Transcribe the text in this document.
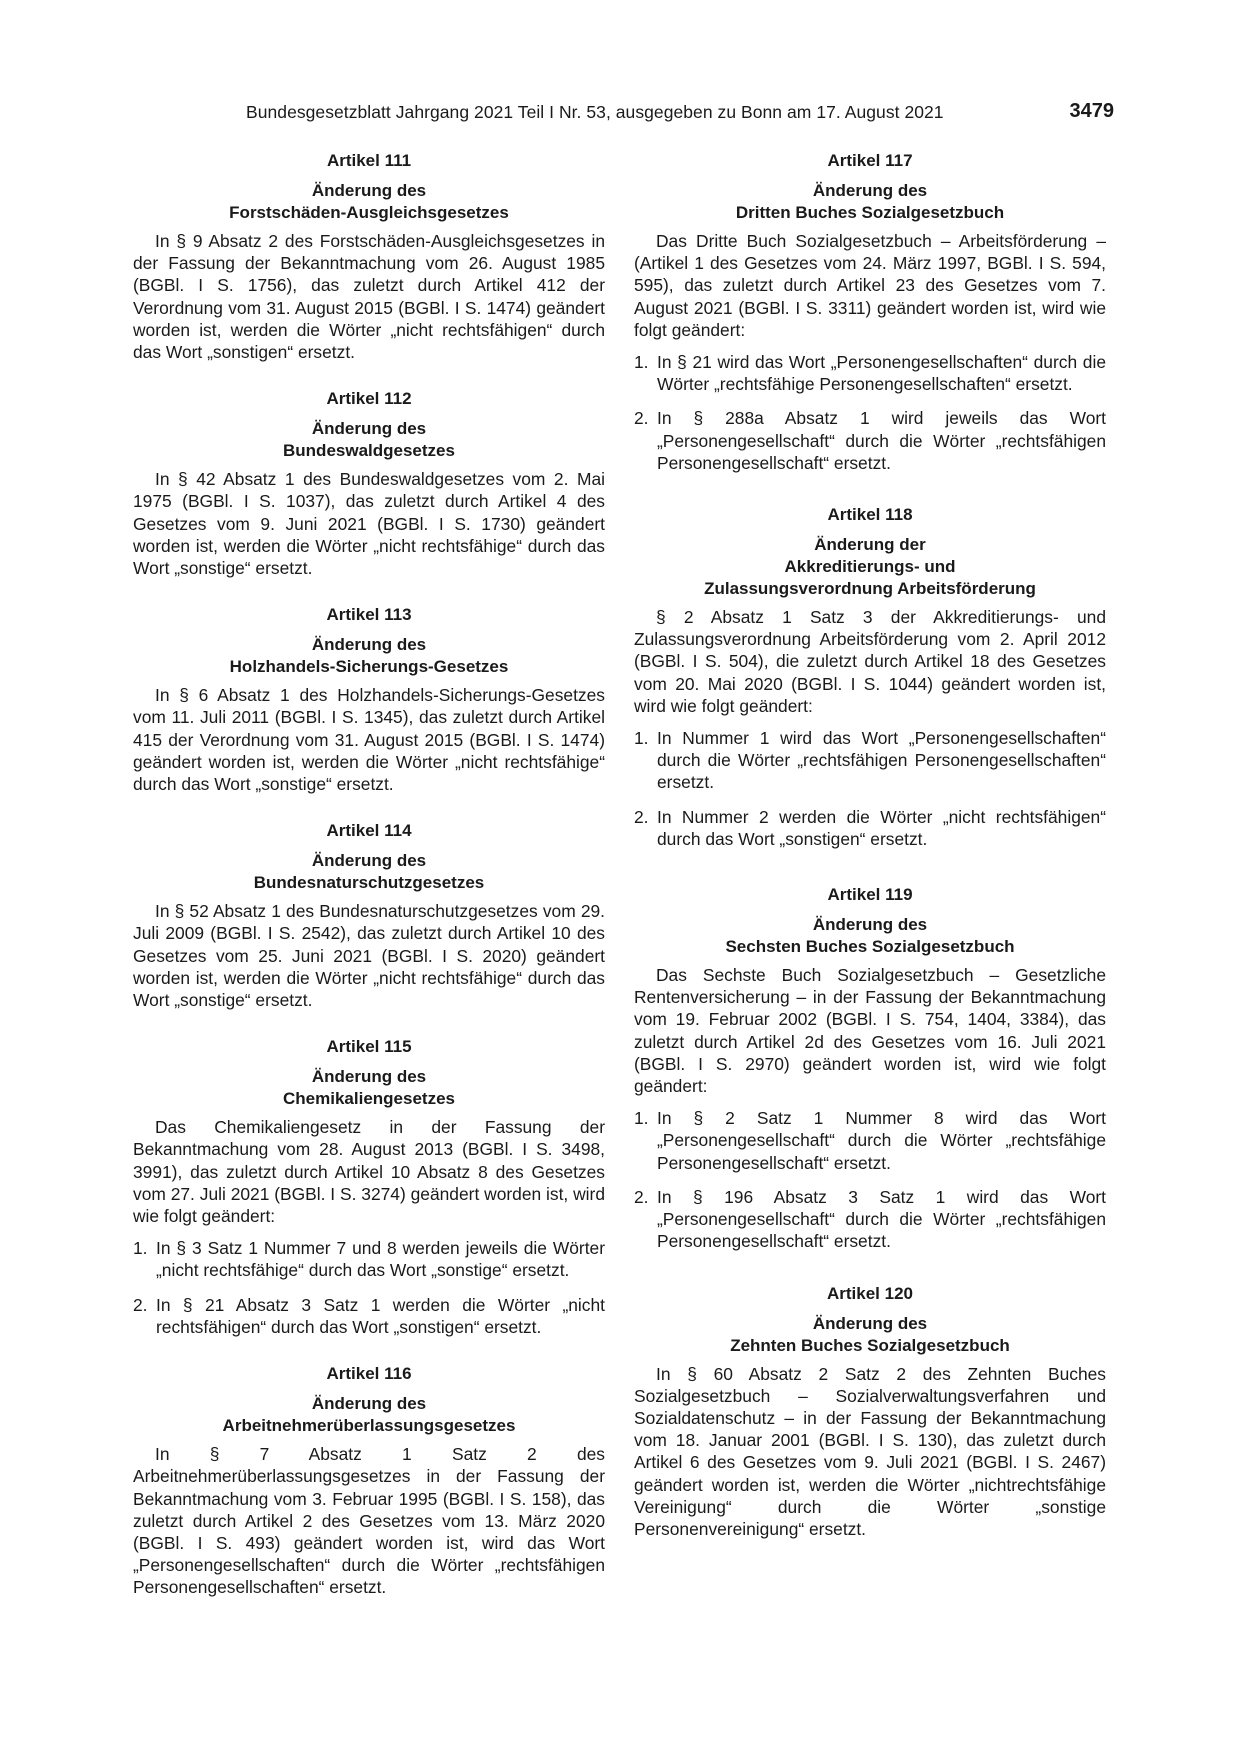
Bundesgesetzblatt Jahrgang 2021 Teil I Nr. 53, ausgegeben zu Bonn am 17. August 2021	3479
Artikel 111
Änderung des
Forstschäden-Ausgleichsgesetzes

In § 9 Absatz 2 des Forstschäden-Ausgleichsgesetzes in der Fassung der Bekanntmachung vom 26. August 1985 (BGBl. I S. 1756), das zuletzt durch Artikel 412 der Verordnung vom 31. August 2015 (BGBl. I S. 1474) geändert worden ist, werden die Wörter „nicht rechtsfähigen“ durch das Wort „sonstigen“ ersetzt.

Artikel 112
Änderung des
Bundeswaldgesetzes

In § 42 Absatz 1 des Bundeswaldgesetzes vom 2. Mai 1975 (BGBl. I S. 1037), das zuletzt durch Artikel 4 des Gesetzes vom 9. Juni 2021 (BGBl. I S. 1730) geändert worden ist, werden die Wörter „nicht rechtsfähige“ durch das Wort „sonstige“ ersetzt.

Artikel 113
Änderung des
Holzhandels-Sicherungs-Gesetzes

In § 6 Absatz 1 des Holzhandels-Sicherungs-Gesetzes vom 11. Juli 2011 (BGBl. I S. 1345), das zuletzt durch Artikel 415 der Verordnung vom 31. August 2015 (BGBl. I S. 1474) geändert worden ist, werden die Wörter „nicht rechtsfähige“ durch das Wort „sonstige“ ersetzt.

Artikel 114
Änderung des
Bundesnaturschutzgesetzes

In § 52 Absatz 1 des Bundesnaturschutzgesetzes vom 29. Juli 2009 (BGBl. I S. 2542), das zuletzt durch Artikel 10 des Gesetzes vom 25. Juni 2021 (BGBl. I S. 2020) geändert worden ist, werden die Wörter „nicht rechtsfähige“ durch das Wort „sonstige“ ersetzt.

Artikel 115
Änderung des
Chemikaliengesetzes

Das Chemikaliengesetz in der Fassung der Bekanntmachung vom 28. August 2013 (BGBl. I S. 3498, 3991), das zuletzt durch Artikel 10 Absatz 8 des Gesetzes vom 27. Juli 2021 (BGBl. I S. 3274) geändert worden ist, wird wie folgt geändert:

1. In § 3 Satz 1 Nummer 7 und 8 werden jeweils die Wörter „nicht rechtsfähige“ durch das Wort „sonstige“ ersetzt.
2. In § 21 Absatz 3 Satz 1 werden die Wörter „nicht rechtsfähigen“ durch das Wort „sonstigen“ ersetzt.
Artikel 116
Änderung des
Arbeitnehmerüberlassungsgesetzes

In § 7 Absatz 1 Satz 2 des Arbeitnehmerüberlassungsgesetzes in der Fassung der Bekanntmachung vom 3. Februar 1995 (BGBl. I S. 158), das zuletzt durch Artikel 2 des Gesetzes vom 13. März 2020 (BGBl. I S. 493) geändert worden ist, wird das Wort „Personengesellschaften“ durch die Wörter „rechtsfähigen Personengesellschaften“ ersetzt.

Artikel 117
Änderung des
Dritten Buches Sozialgesetzbuch

Das Dritte Buch Sozialgesetzbuch – Arbeitsförderung – (Artikel 1 des Gesetzes vom 24. März 1997, BGBl. I S. 594, 595), das zuletzt durch Artikel 23 des Gesetzes vom 7. August 2021 (BGBl. I S. 3311) geändert worden ist, wird wie folgt geändert:

1. In § 21 wird das Wort „Personengesellschaften“ durch die Wörter „rechtsfähige Personengesellschaften“ ersetzt.
2. In § 288a Absatz 1 wird jeweils das Wort „Personengesellschaft“ durch die Wörter „rechtsfähigen Personengesellschaft“ ersetzt.
Artikel 118
Änderung der
Akkreditierungs- und
Zulassungsverordnung Arbeitsförderung

§ 2 Absatz 1 Satz 3 der Akkreditierungs- und Zulassungsverordnung Arbeitsförderung vom 2. April 2012 (BGBl. I S. 504), die zuletzt durch Artikel 18 des Gesetzes vom 20. Mai 2020 (BGBl. I S. 1044) geändert worden ist, wird wie folgt geändert:

1. In Nummer 1 wird das Wort „Personengesellschaften“ durch die Wörter „rechtsfähigen Personengesellschaften“ ersetzt.
2. In Nummer 2 werden die Wörter „nicht rechtsfähigen“ durch das Wort „sonstigen“ ersetzt.
Artikel 119
Änderung des
Sechsten Buches Sozialgesetzbuch

Das Sechste Buch Sozialgesetzbuch – Gesetzliche Rentenversicherung – in der Fassung der Bekanntmachung vom 19. Februar 2002 (BGBl. I S. 754, 1404, 3384), das zuletzt durch Artikel 2d des Gesetzes vom 16. Juli 2021 (BGBl. I S. 2970) geändert worden ist, wird wie folgt geändert:

1. In § 2 Satz 1 Nummer 8 wird das Wort „Personengesellschaft“ durch die Wörter „rechtsfähige Personengesellschaft“ ersetzt.
2. In § 196 Absatz 3 Satz 1 wird das Wort „Personengesellschaft“ durch die Wörter „rechtsfähigen Personengesellschaft“ ersetzt.
Artikel 120
Änderung des
Zehnten Buches Sozialgesetzbuch

In § 60 Absatz 2 Satz 2 des Zehnten Buches Sozialgesetzbuch – Sozialverwaltungsverfahren und Sozialdatenschutz – in der Fassung der Bekanntmachung vom 18. Januar 2001 (BGBl. I S. 130), das zuletzt durch Artikel 6 des Gesetzes vom 9. Juli 2021 (BGBl. I S. 2467) geändert worden ist, werden die Wörter „nichtrechtsfähige Vereinigung“ durch die Wörter „sonstige Personenvereinigung“ ersetzt.
